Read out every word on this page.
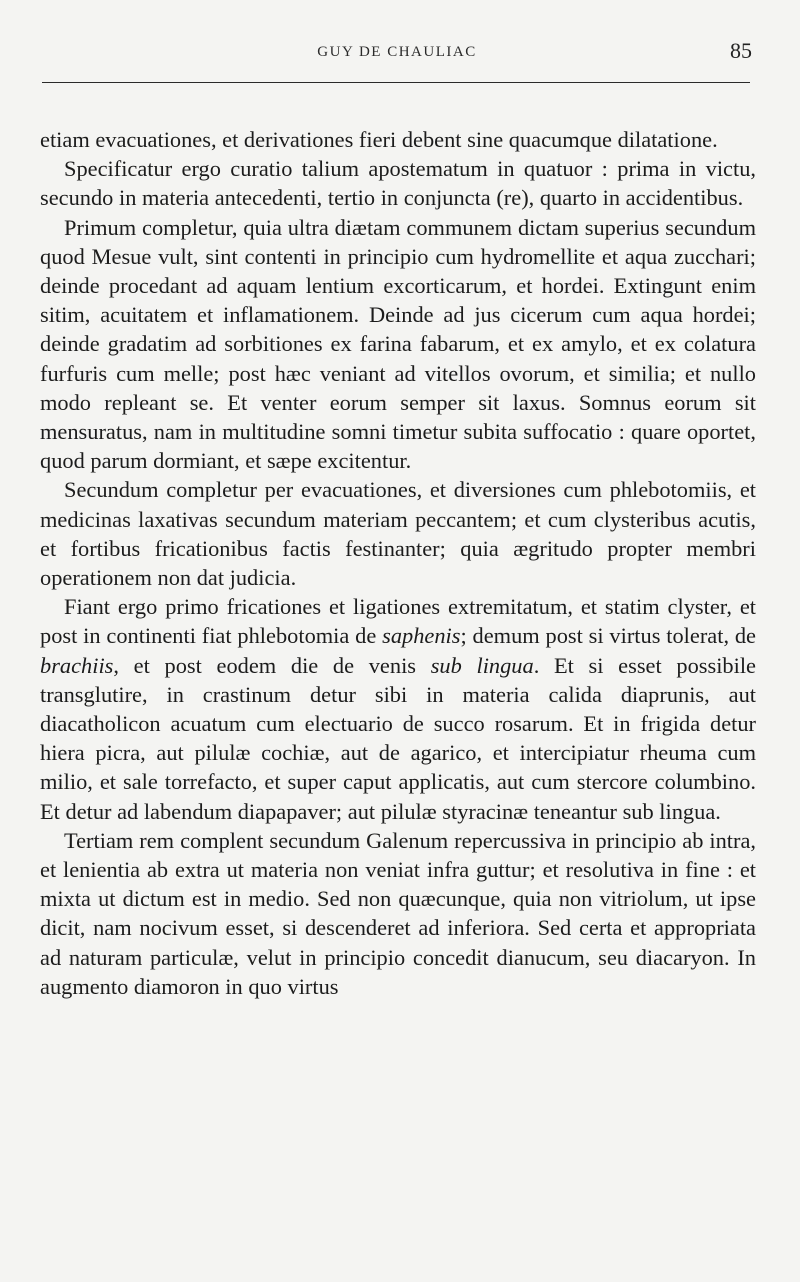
GUY DE CHAULIAC	85

etiam evacuationes, et derivationes fieri debent sine quacumque dilatatione.

Specificatur ergo curatio talium apostematum in quatuor : prima in victu, secundo in materia antecedenti, tertio in conjuncta (re), quarto in accidentibus.

Primum completur, quia ultra diætam communem dictam superius secundum quod Mesue vult, sint contenti in principio cum hydromellite et aqua zucchari; deinde procedant ad aquam lentium excorticarum, et hordei. Extingunt enim sitim, acuitatem et inflamationem. Deinde ad jus cicerum cum aqua hordei; deinde gradatim ad sorbitiones ex farina fabarum, et ex amylo, et ex colatura furfuris cum melle; post hæc veniant ad vitellos ovorum, et similia; et nullo modo repleant se. Et venter eorum semper sit laxus. Somnus eorum sit mensuratus, nam in multitudine somni timetur subita suffocatio : quare oportet, quod parum dormiant, et sæpe excitentur.

Secundum completur per evacuationes, et diversiones cum phlebotomiis, et medicinas laxativas secundum materiam peccantem; et cum clysteribus acutis, et fortibus fricationibus factis festinanter; quia ægritudo propter membri operationem non dat judicia.

Fiant ergo primo fricationes et ligationes extremitatum, et statim clyster, et post in continenti fiat phlebotomia de saphenis; demum post si virtus tolerat, de brachiis, et post eodem die de venis sub lingua. Et si esset possibile transglutire, in crastinum detur sibi in materia calida diaprunis, aut diacatholicon acuatum cum electuario de succo rosarum. Et in frigida detur hiera picra, aut pilulæ cochiæ, aut de agarico, et intercipiatur rheuma cum milio, et sale torrefacto, et super caput applicatis, aut cum stercore columbino. Et detur ad labendum diapapaver; aut pilulæ styracinæ teneantur sub lingua.

Tertiam rem complent secundum Galenum repercussiva in principio ab intra, et lenientia ab extra ut materia non veniat infra guttur; et resolutiva in fine : et mixta ut dictum est in medio. Sed non quæcunque, quia non vitriolum, ut ipse dicit, nam nocivum esset, si descenderet ad inferiora. Sed certa et appropriata ad naturam particulæ, velut in principio concedit dianucum, seu diacaryon. In augmento diamoron in quo virtus
